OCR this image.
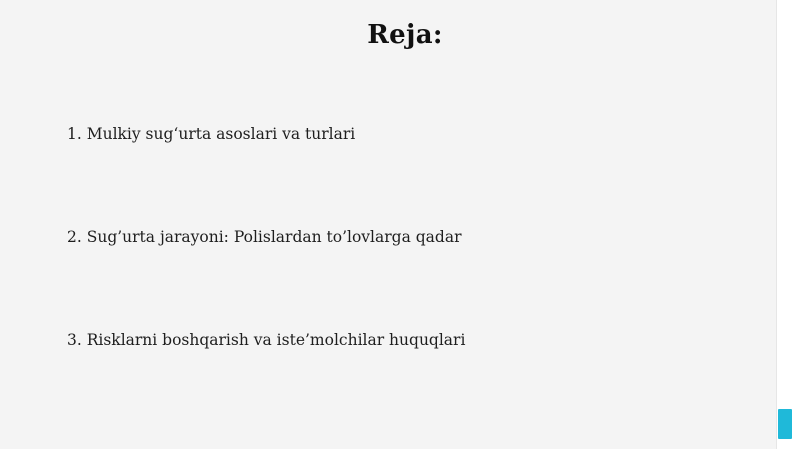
Reja:
1. Mulkiy sug‘urta asoslari va turlari
2. Sug’urta jarayoni: Polislardan to’lovlarga qadar
3. Risklarni boshqarish va iste’molchilar huquqlari
